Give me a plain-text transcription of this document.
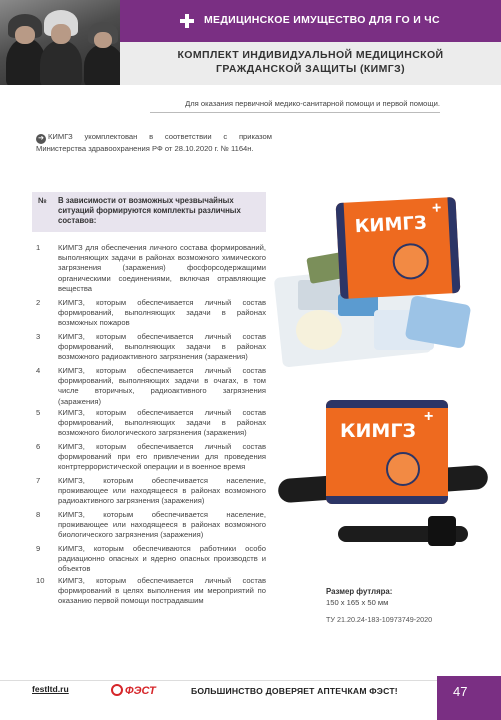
МЕДИЦИНСКОЕ ИМУЩЕСТВО ДЛЯ ГО И ЧС
КОМПЛЕКТ ИНДИВИДУАЛЬНОЙ МЕДИЦИНСКОЙ
ГРАЖДАНСКОЙ ЗАЩИТЫ (КИМГЗ)
Для оказания первичной медико-санитарной помощи и первой помощи.
➔ КИМГЗ укомплектован в соответствии с приказом Министерства здравоохранения РФ от 28.10.2020 г. № 1164н.
№ В зависимости от возможных чрезвычайных ситуаций формируются комплекты различных составов:
1 КИМГЗ для обеспечения личного состава формирований, выполняющих задачи в районах возможного химического загрязнения (заражения) фосфорсодержащими органическими соединениями, включая отравляющие вещества
2 КИМГЗ, которым обеспечивается личный состав формирований, выполняющих задачи в районах возможных пожаров
3 КИМГЗ, которым обеспечивается личный состав формирований, выполняющих задачи в районах возможного радиоактивного загрязнения (заражения)
4 КИМГЗ, которым обеспечивается личный состав формирований, выполняющих задачи в очагах, в том числе вторичных, радиоактивного загрязнения (заражения)
5 КИМГЗ, которым обеспечивается личный состав формирований, выполняющих задачи в районах возможного биологического загрязнения (заражения)
6 КИМГЗ, которым обеспечивается личный состав формирований при его привлечении для проведения контртеррористической операции и в военное время
7 КИМГЗ, которым обеспечивается население, проживающее или находящееся в районах возможного радиоактивного загрязнения (заражения)
8 КИМГЗ, которым обеспечивается население, проживающее или находящееся в районах возможного биологического загрязнения (заражения)
9 КИМГЗ, которым обеспечиваются работники особо радиационно опасных и ядерно опасных производств и объектов
10 КИМГЗ, которым обеспечивается личный состав формирований в целях выполнения им мероприятий по оказанию первой помощи пострадавшим
КИМГЗ
+
КИМГЗ
+
Размер футляра:
150 х 165 х 50 мм
ТУ 21.20.24-183-10973749-2020
festltd.ru	ФЭСТ	БОЛЬШИНСТВО ДОВЕРЯЕТ АПТЕЧКАМ ФЭСТ!	47
